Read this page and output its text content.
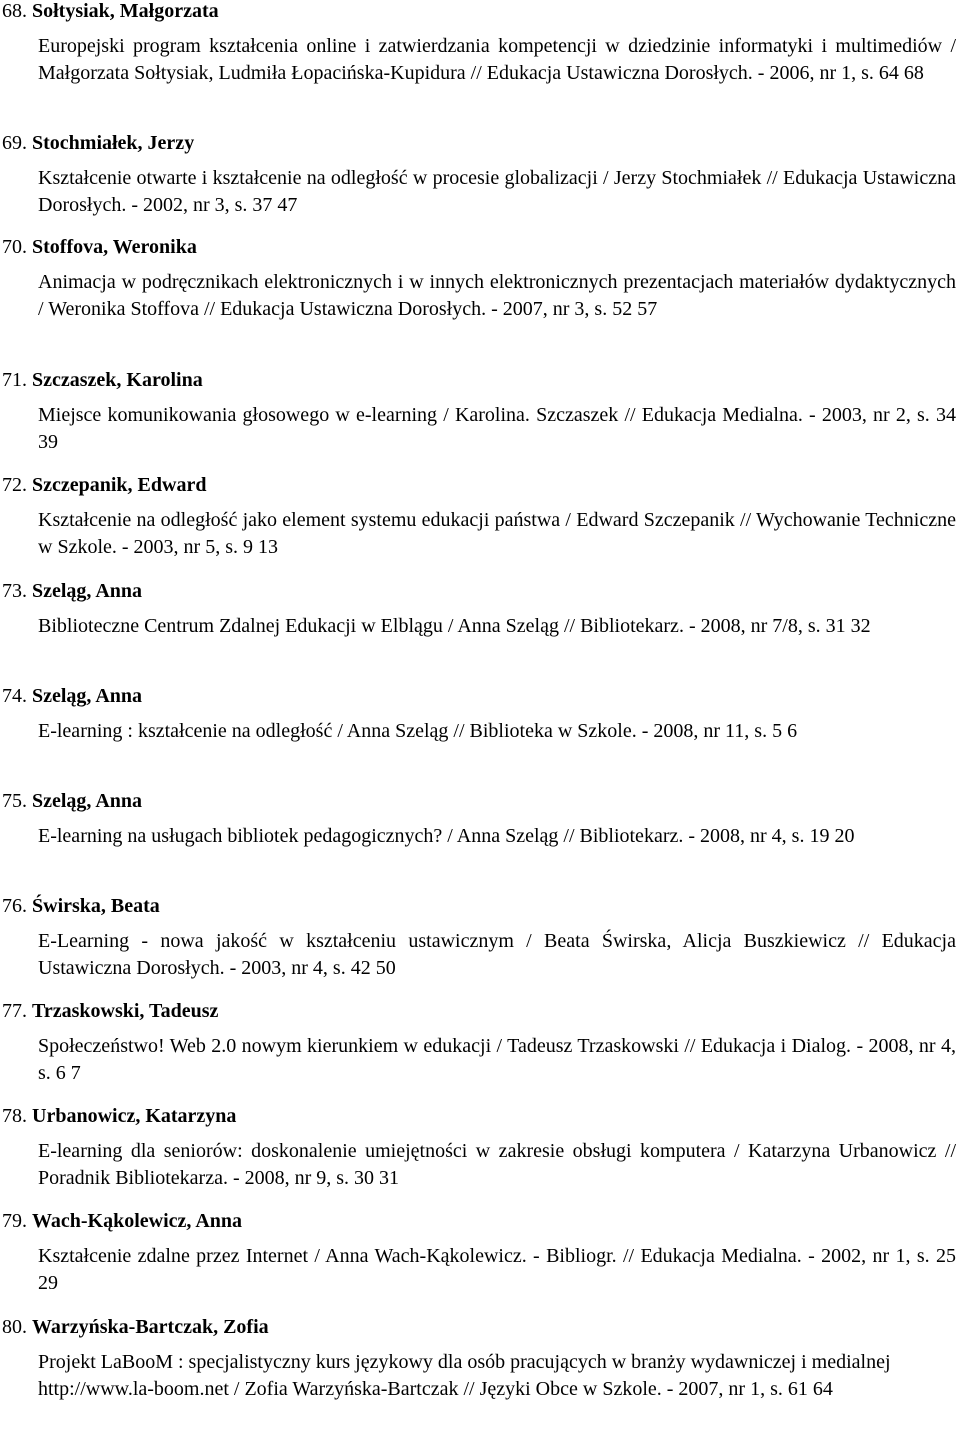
68. Sołtysiak, Małgorzata
Europejski program kształcenia online i zatwierdzania kompetencji w dziedzinie informatyki i multimediów / Małgorzata Sołtysiak, Ludmiła Łopacińska-Kupidura // Edukacja Ustawiczna Dorosłych. - 2006, nr 1, s. 64 68
69. Stochmiałek, Jerzy
Kształcenie otwarte i kształcenie na odległość w procesie globalizacji / Jerzy Stochmiałek // Edukacja Ustawiczna Dorosłych. - 2002, nr 3, s. 37 47
70. Stoffova, Weronika
Animacja w podręcznikach elektronicznych i w innych elektronicznych prezentacjach materiałów dydaktycznych / Weronika Stoffova // Edukacja Ustawiczna Dorosłych. - 2007, nr 3, s. 52 57
71. Szczaszek, Karolina
Miejsce komunikowania głosowego w e-learning / Karolina. Szczaszek // Edukacja Medialna. - 2003, nr 2, s. 34 39
72. Szczepanik, Edward
Kształcenie na odległość jako element systemu edukacji państwa / Edward Szczepanik // Wychowanie Techniczne w Szkole. - 2003, nr 5, s. 9 13
73. Szeląg, Anna
Biblioteczne Centrum Zdalnej Edukacji w Elblągu / Anna Szeląg // Bibliotekarz. - 2008, nr 7/8, s. 31 32
74. Szeląg, Anna
E-learning : kształcenie na odległość / Anna Szeląg // Biblioteka w Szkole. - 2008, nr 11, s. 5 6
75. Szeląg, Anna
E-learning na usługach bibliotek pedagogicznych? / Anna Szeląg // Bibliotekarz. - 2008, nr 4, s. 19 20
76. Świrska, Beata
E-Learning - nowa jakość w kształceniu ustawicznym / Beata Świrska, Alicja Buszkiewicz // Edukacja Ustawiczna Dorosłych. - 2003, nr 4, s. 42 50
77. Trzaskowski, Tadeusz
Społeczeństwo! Web 2.0 nowym kierunkiem w edukacji / Tadeusz Trzaskowski // Edukacja i Dialog. - 2008, nr 4, s. 6 7
78. Urbanowicz, Katarzyna
E-learning dla seniorów: doskonalenie umiejętności w zakresie obsługi komputera / Katarzyna Urbanowicz // Poradnik Bibliotekarza. - 2008, nr 9, s. 30 31
79. Wach-Kąkolewicz, Anna
Kształcenie zdalne przez Internet / Anna Wach-Kąkolewicz. - Bibliogr. // Edukacja Medialna. - 2002, nr 1, s. 25 29
80. Warzyńska-Bartczak, Zofia
Projekt LaBooM : specjalistyczny kurs językowy dla osób pracujących w branży wydawniczej i medialnej http://www.la-boom.net / Zofia Warzyńska-Bartczak // Języki Obce w Szkole. - 2007, nr 1, s. 61 64
